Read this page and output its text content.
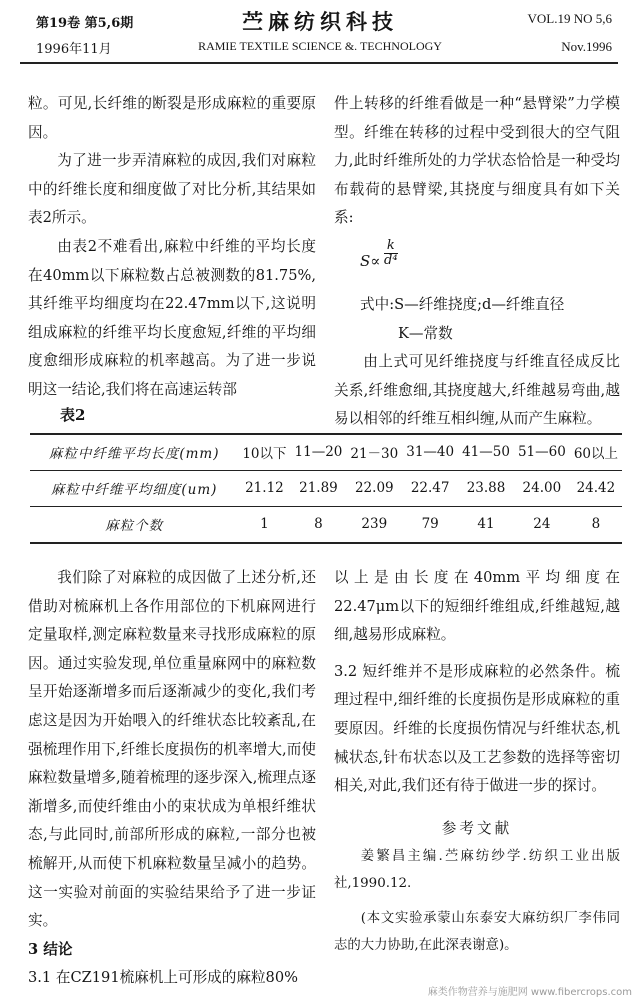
第19卷 第5,6期
1996年11月
苎麻纺织科技
RAMIE TEXTILE SCIENCE &. TECHNOLOGY
VOL.19 NO 5,6
Nov.1996

粒。可见,长纤维的断裂是形成麻粒的重要原因。

为了进一步弄清麻粒的成因,我们对麻粒中的纤维长度和细度做了对比分析,其结果如表2所示。

由表2不难看出,麻粒中纤维的平均长度在40mm以下麻粒数占总被测数的81.75%,其纤维平均细度均在22.47mm以下,这说明组成麻粒的纤维平均长度愈短,纤维的平均细度愈细形成麻粒的机率越高。为了进一步说明这一结论,我们将在高速运转部

件上转移的纤维看做是一种“悬臂梁”力学模型。纤维在转移的过程中受到很大的空气阻力,此时纤维所处的力学状态恰恰是一种受均布载荷的悬臂梁,其挠度与细度具有如下关系:

$S\propto \frac{k}{\text{d⁴}}$

式中:S—纤维挠度;d—纤维直径

K—常数

由上式可见纤维挠度与纤维直径成反比关系,纤维愈细,其挠度越大,纤维越易弯曲,越易以相邻的纤维互相纠缠,从而产生麻粒。

表2
麻粒中纤维平均长度(mm)	10以下	11—20	21－30	31—40	41—50	51—60	60以上
麻粒中纤维平均细度(um)	21.12	21.89	22.09	22.47	23.88	24.00	24.42
麻粒个数	1	8	239	79	41	24	8

我们除了对麻粒的成因做了上述分析,还借助对梳麻机上各作用部位的下机麻网进行定量取样,测定麻粒数量来寻找形成麻粒的原因。通过实验发现,单位重量麻网中的麻粒数呈开始逐渐增多而后逐渐减少的变化,我们考虑这是因为开始喂入的纤维状态比较紊乱,在强梳理作用下,纤维长度损伤的机率增大,而使麻粒数量增多,随着梳理的逐步深入,梳理点逐渐增多,而使纤维由小的束状成为单根纤维状态,与此同时,前部所形成的麻粒,一部分也被梳解开,从而使下机麻粒数量呈减小的趋势。这一实验对前面的实验结果给予了进一步证实。

3 结论

3.1 在CZ191梳麻机上可形成的麻粒80%

以上是由长度在40mm平均细度在22.47μm以下的短细纤维组成,纤维越短,越细,越易形成麻粒。

3.2 短纤维并不是形成麻粒的必然条件。梳理过程中,细纤维的长度损伤是形成麻粒的重要原因。纤维的长度损伤情况与纤维状态,机械状态,针布状态以及工艺参数的选择等密切相关,对此,我们还有待于做进一步的探讨。

参考文献

姜繁昌主编.苎麻纺纱学.纺织工业出版社,1990.12.

(本文实验承蒙山东泰安大麻纺织厂李伟同志的大力协助,在此深表谢意)。

麻类作物营养与施肥网 www.fibercrops.com
